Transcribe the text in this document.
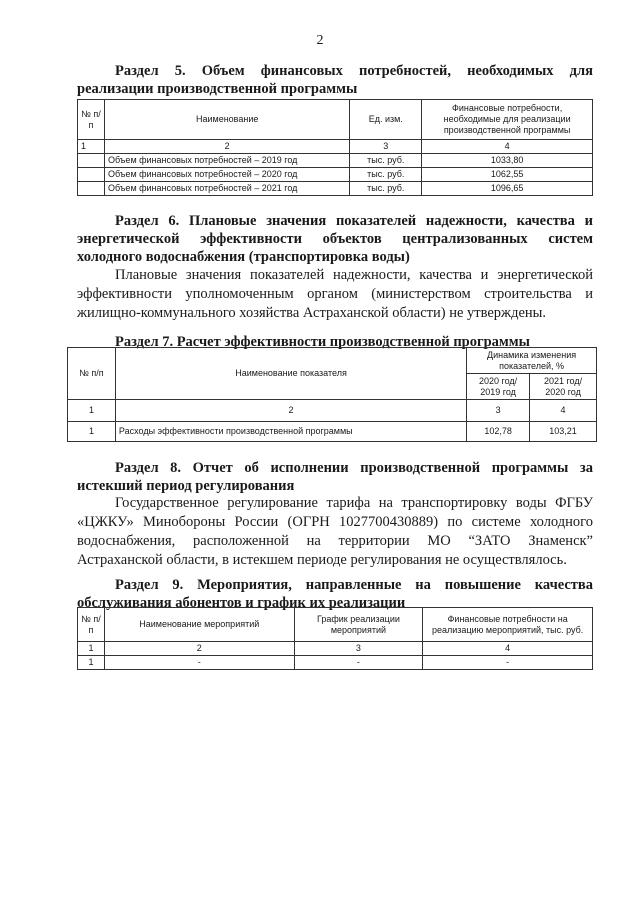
2
Раздел 5. Объем финансовых потребностей, необходимых для реализации производственной программы
№ п/п	Наименование	Ед. изм.	Финансовые потребности, необходимые для реализации производственной программы
1	2	3	4
	Объем финансовых потребностей – 2019 год	тыс. руб.	1033,80
	Объем финансовых потребностей – 2020 год	тыс. руб.	1062,55
	Объем финансовых потребностей – 2021 год	тыс. руб.	1096,65
Раздел 6. Плановые значения показателей надежности, качества и энергетической эффективности объектов централизованных систем холодного водоснабжения (транспортировка воды)
Плановые значения показателей надежности, качества и энергетической эффективности уполномоченным органом (министерством строительства и жилищно-коммунального хозяйства Астраханской области) не утверждены.
Раздел 7. Расчет эффективности производственной программы
№ п/п	Наименование показателя	Динамика изменения показателей, %	
		2020 год/ 2019 год	2021 год/ 2020 год
1	2	3	4
1	Расходы эффективности производственной программы	102,78	103,21
Раздел 8. Отчет об исполнении производственной программы за истекший период регулирования
Государственное регулирование тарифа на транспортировку воды ФГБУ «ЦЖКУ» Минобороны России (ОГРН 1027700430889) по системе холодного водоснабжения, расположенной на территории МО “ЗАТО Знаменск” Астраханской области, в истекшем периоде регулирования не осуществлялось.
Раздел 9. Мероприятия, направленные на повышение качества обслуживания абонентов и график их реализации
№ п/п	Наименование мероприятий	График реализации мероприятий	Финансовые потребности на реализацию мероприятий, тыс. руб.
1	2	3	4
1	-	-	-
